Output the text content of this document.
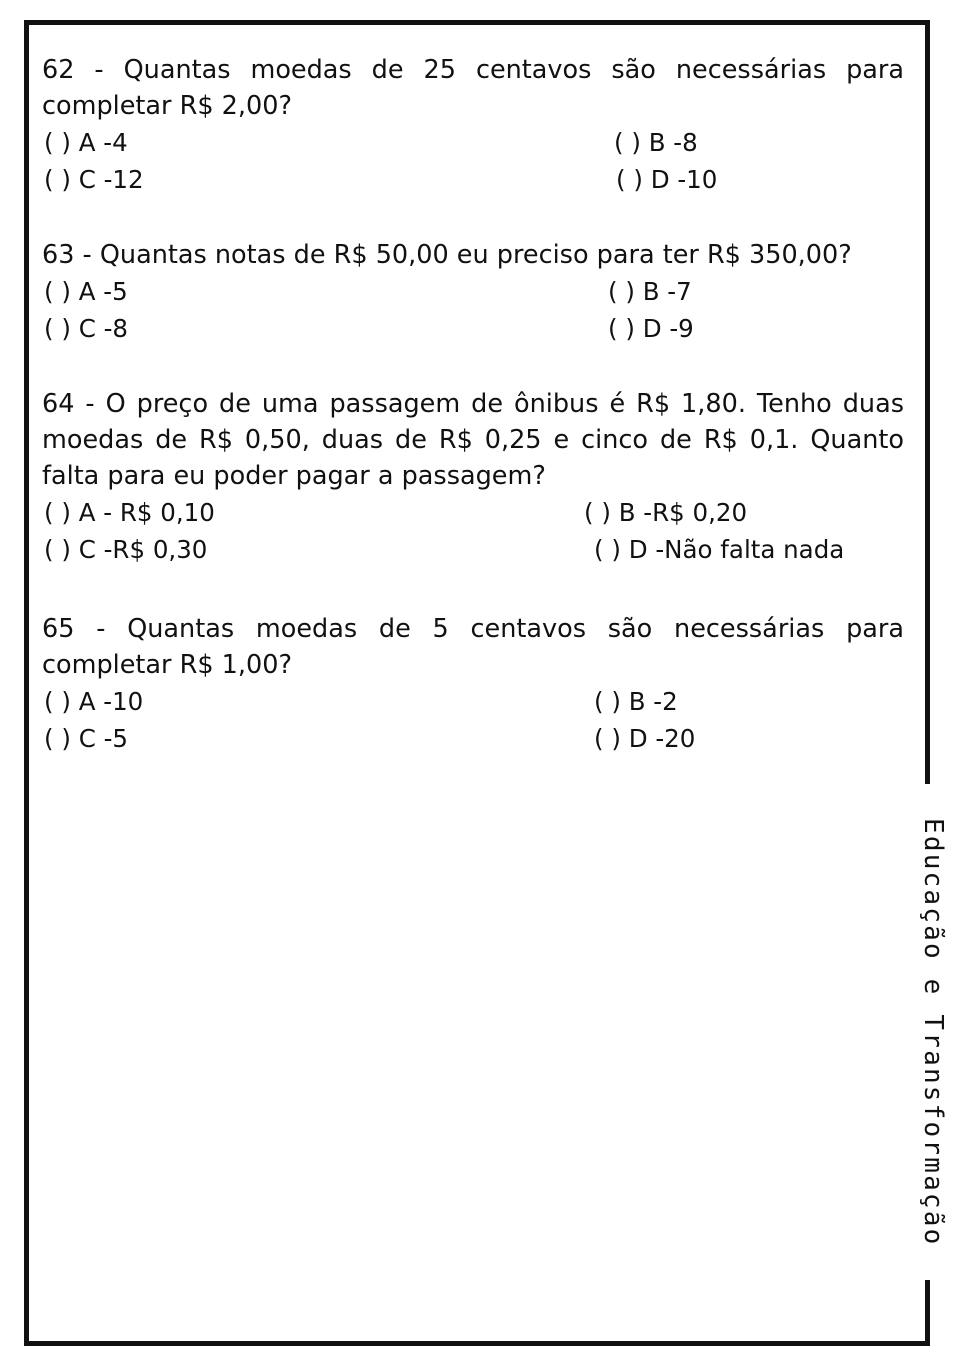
62 - Quantas moedas de 25 centavos são necessárias para completar R$ 2,00?

( ) A -4	( ) B -8
( ) C -12	( ) D -10

63 - Quantas notas de R$ 50,00 eu preciso para ter R$ 350,00?

( ) A -5	( ) B -7
( ) C -8	( ) D -9

64 - O preço de uma passagem de ônibus é R$ 1,80. Tenho duas moedas de R$ 0,50, duas de R$ 0,25 e cinco de R$ 0,1. Quanto falta para eu poder pagar a passagem?

( ) A - R$ 0,10	( ) B -R$ 0,20
( ) C -R$ 0,30	( ) D -Não falta nada

65 - Quantas moedas de 5 centavos são necessárias para completar R$ 1,00?

( ) A -10	( ) B -2
( ) C -5	( ) D -20
Educação e Transformação
